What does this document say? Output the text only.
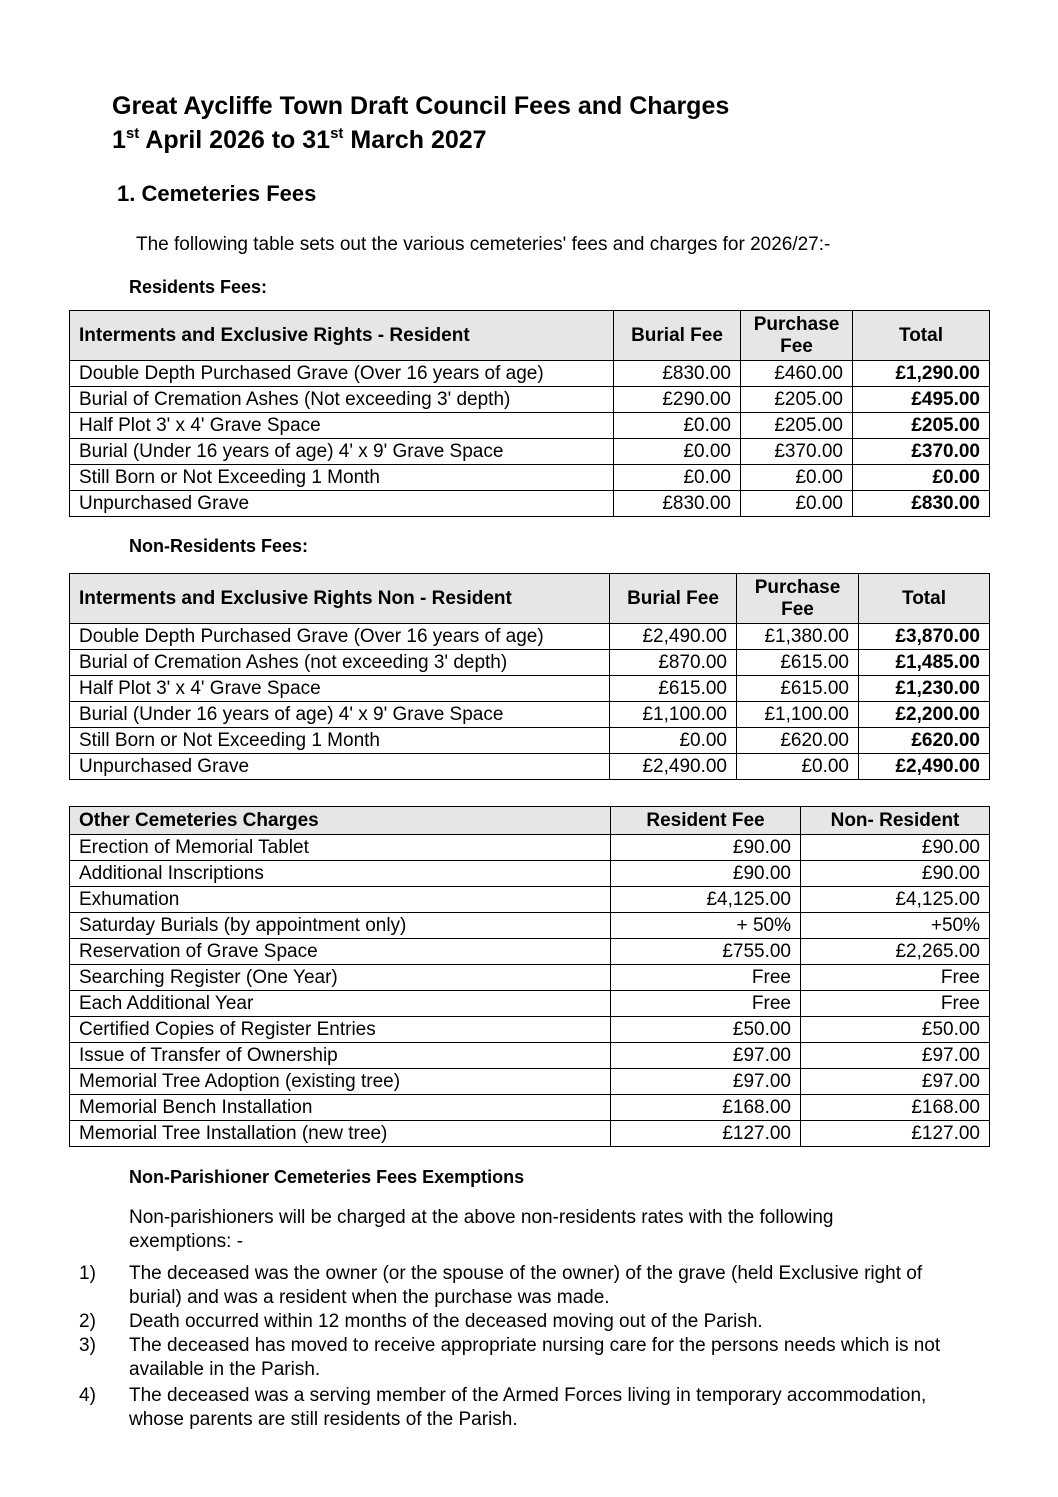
Great Aycliffe Town Draft Council Fees and Charges
1st April 2026 to 31st March 2027
1. Cemeteries Fees
The following table sets out the various cemeteries' fees and charges for 2026/27:-
Residents Fees:
Interments and Exclusive Rights - Resident	Burial Fee	Purchase Fee	Total
Double Depth Purchased Grave (Over 16 years of age)	£830.00	£460.00	£1,290.00
Burial of Cremation Ashes (Not exceeding 3' depth)	£290.00	£205.00	£495.00
Half Plot 3' x 4' Grave Space	£0.00	£205.00	£205.00
Burial (Under 16 years of age) 4' x 9' Grave Space	£0.00	£370.00	£370.00
Still Born or Not Exceeding 1 Month	£0.00	£0.00	£0.00
Unpurchased Grave	£830.00	£0.00	£830.00
Non-Residents Fees:
Interments and Exclusive Rights Non - Resident	Burial Fee	Purchase Fee	Total
Double Depth Purchased Grave (Over 16 years of age)	£2,490.00	£1,380.00	£3,870.00
Burial of Cremation Ashes (not exceeding 3' depth)	£870.00	£615.00	£1,485.00
Half Plot 3' x 4' Grave Space	£615.00	£615.00	£1,230.00
Burial (Under 16 years of age) 4' x 9' Grave Space	£1,100.00	£1,100.00	£2,200.00
Still Born or Not Exceeding 1 Month	£0.00	£620.00	£620.00
Unpurchased Grave	£2,490.00	£0.00	£2,490.00
Other Cemeteries Charges	Resident Fee	Non- Resident
Erection of Memorial Tablet	£90.00	£90.00
Additional Inscriptions	£90.00	£90.00
Exhumation	£4,125.00	£4,125.00
Saturday Burials (by appointment only)	+ 50%	+50%
Reservation of Grave Space	£755.00	£2,265.00
Searching Register (One Year)	Free	Free
Each Additional Year	Free	Free
Certified Copies of Register Entries	£50.00	£50.00
Issue of Transfer of Ownership	£97.00	£97.00
Memorial Tree Adoption (existing tree)	£97.00	£97.00
Memorial Bench Installation	£168.00	£168.00
Memorial Tree Installation (new tree)	£127.00	£127.00
Non-Parishioner Cemeteries Fees Exemptions
Non-parishioners will be charged at the above non-residents rates with the following exemptions: -
1) The deceased was the owner (or the spouse of the owner) of the grave (held Exclusive right of burial) and was a resident when the purchase was made.
2) Death occurred within 12 months of the deceased moving out of the Parish.
3) The deceased has moved to receive appropriate nursing care for the persons needs which is not available in the Parish.
4) The deceased was a serving member of the Armed Forces living in temporary accommodation, whose parents are still residents of the Parish.
